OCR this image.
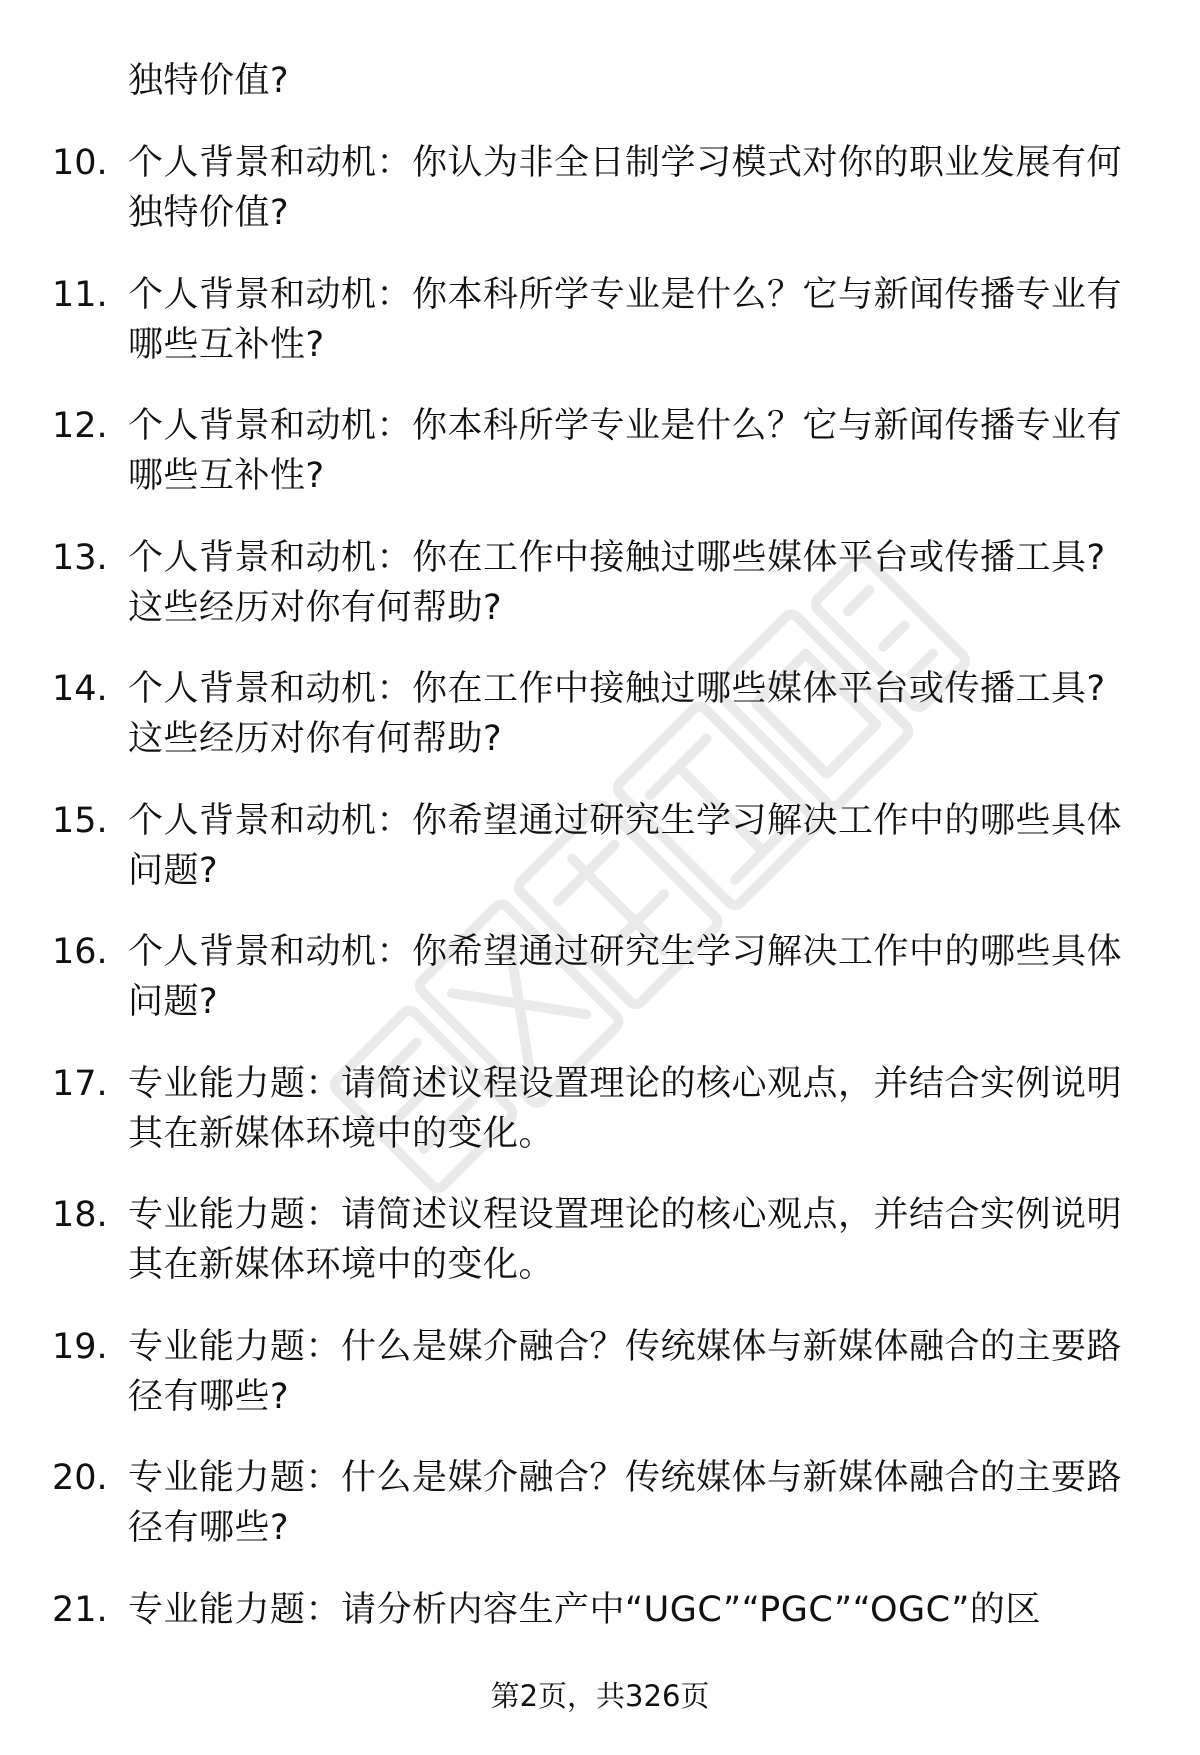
独特价值?
10. 个人背景和动机：你认为非全日制学习模式对你的职业发展有何
独特价值?
11. 个人背景和动机：你本科所学专业是什么？它与新闻传播专业有
哪些互补性?
12. 个人背景和动机：你本科所学专业是什么？它与新闻传播专业有
哪些互补性?
13. 个人背景和动机：你在工作中接触过哪些媒体平台或传播工具?
这些经历对你有何帮助?
14. 个人背景和动机：你在工作中接触过哪些媒体平台或传播工具?
这些经历对你有何帮助?
15. 个人背景和动机：你希望通过研究生学习解决工作中的哪些具体
问题?
16. 个人背景和动机：你希望通过研究生学习解决工作中的哪些具体
问题?
17. 专业能力题：请简述议程设置理论的核心观点，并结合实例说明
其在新媒体环境中的变化。
18. 专业能力题：请简述议程设置理论的核心观点，并结合实例说明
其在新媒体环境中的变化。
19. 专业能力题：什么是媒介融合？传统媒体与新媒体融合的主要路
径有哪些?
20. 专业能力题：什么是媒介融合？传统媒体与新媒体融合的主要路
径有哪些?
21. 专业能力题：请分析内容生产中“UGC”“PGC”“OGC”的区
第2页，共326页
